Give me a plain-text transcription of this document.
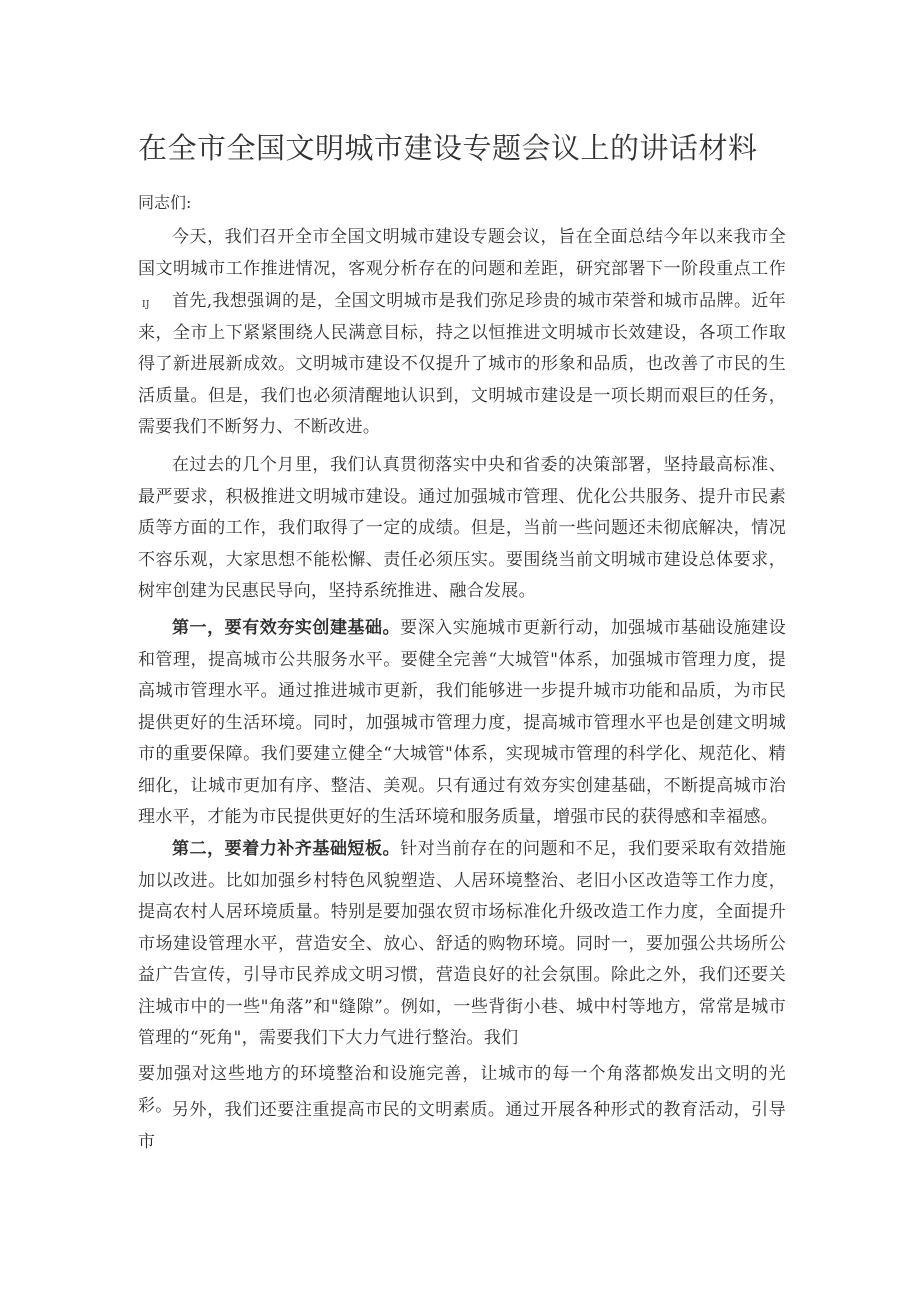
在全市全国文明城市建设专题会议上的讲话材料
同志们:

今天，我们召开全市全国文明城市建设专题会议，旨在全面总结今年以来我市全国文明城市工作推进情况，客观分析存在的问题和差距，研究部署下一阶段重点工作$_{IJ}$	首先,我想强调的是，全国文明城市是我们弥足珍贵的城市荣誉和城市品牌。近年来，全市上下紧紧围绕人民满意目标，持之以恒推进文明城市长效建设，各项工作取得了新进展新成效。文明城市建设不仅提升了城市的形象和品质，也改善了市民的生活质量。但是，我们也必须清醒地认识到，文明城市建设是一项长期而艰巨的任务，需要我们不断努力、不断改进。

在过去的几个月里，我们认真贯彻落实中央和省委的决策部署，坚持最高标准、最严要求，积极推进文明城市建设。通过加强城市管理、优化公共服务、提升市民素质等方面的工作，我们取得了一定的成绩。但是，当前一些问题还未彻底解决，情况不容乐观，大家思想不能松懈、责任必须压实。要围绕当前文明城市建设总体要求，树牢创建为民惠民导向，坚持系统推进、融合发展。

第一，要有效夯实创建基础。要深入实施城市更新行动，加强城市基础设施建设和管理，提高城市公共服务水平。要健全完善“大城管"体系，加强城市管理力度，提高城市管理水平。通过推进城市更新，我们能够进一步提升城市功能和品质，为市民提供更好的生活环境。同时，加强城市管理力度，提高城市管理水平也是创建文明城市的重要保障。我们要建立健全“大城管"体系，实现城市管理的科学化、规范化、精细化，让城市更加有序、整洁、美观。只有通过有效夯实创建基础，不断提高城市治理水平，才能为市民提供更好的生活环境和服务质量，增强市民的获得感和幸福感。

第二，要着力补齐基础短板。针对当前存在的问题和不足，我们要采取有效措施加以改进。比如加强乡村特色风貌塑造、人居环境整治、老旧小区改造等工作力度，提高农村人居环境质量。特别是要加强农贸市场标准化升级改造工作力度，全面提升市场建设管理水平，营造安全、放心、舒适的购物环境。同时一，要加强公共场所公益广告宣传，引导市民养成文明习惯，营造良好的社会氛围。除此之外，我们还要关注城市中的一些"角落”和"缝隙”。例如，一些背街小巷、城中村等地方，常常是城市管理的“死角"，需要我们下大力气进行整治。我们

要加强对这些地方的环境整治和设施完善，让城市的每一个角落都焕发出文明的光彩。 另外，我们还要注重提高市民的文明素质。通过开展各种形式的教育活动，引导市
